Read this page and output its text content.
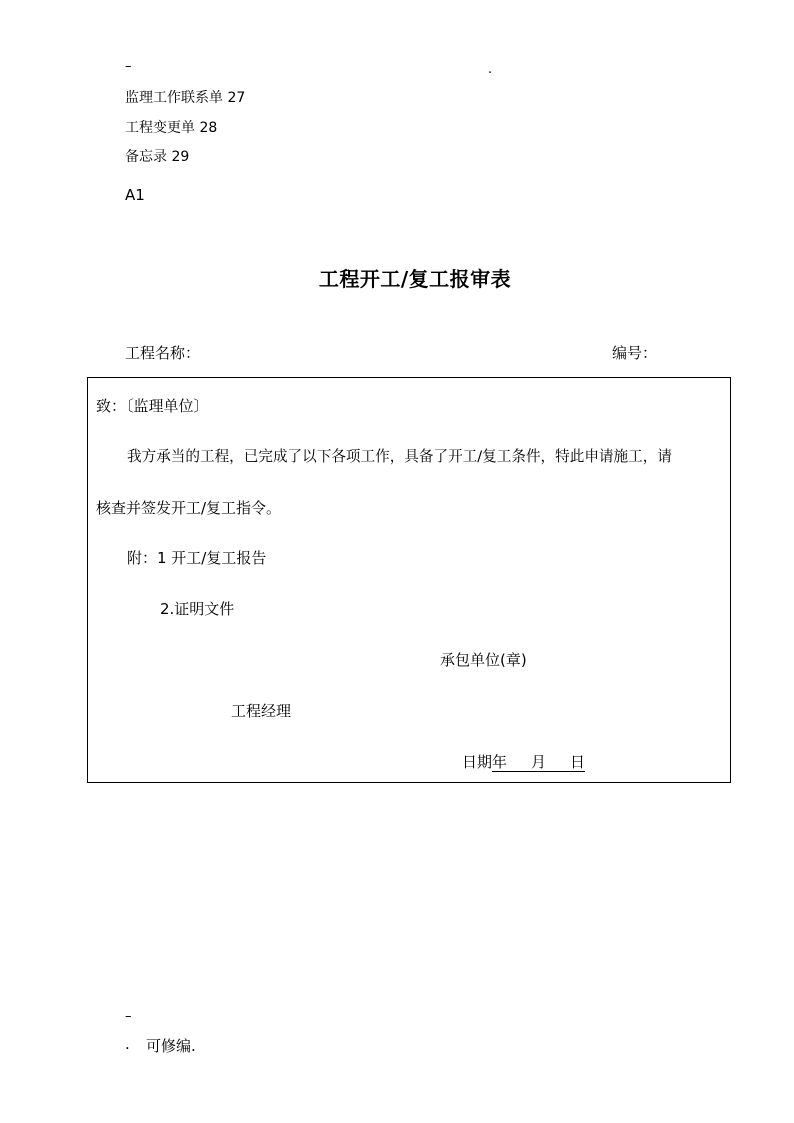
–	.
监理工作联系单 27
工程变更单 28
备忘录 29
A1
工程开工/复工报审表
工程名称：	编号：
致：〔监理单位〕
我方承当的工程，已完成了以下各项工作，具备了开工/复工条件，特此申请施工，请
核查并签发开工/复工指令。
附：1 开工/复工报告
2.证明文件
承包单位(章)
工程经理
日期年 月 日
–
. 可修编.
